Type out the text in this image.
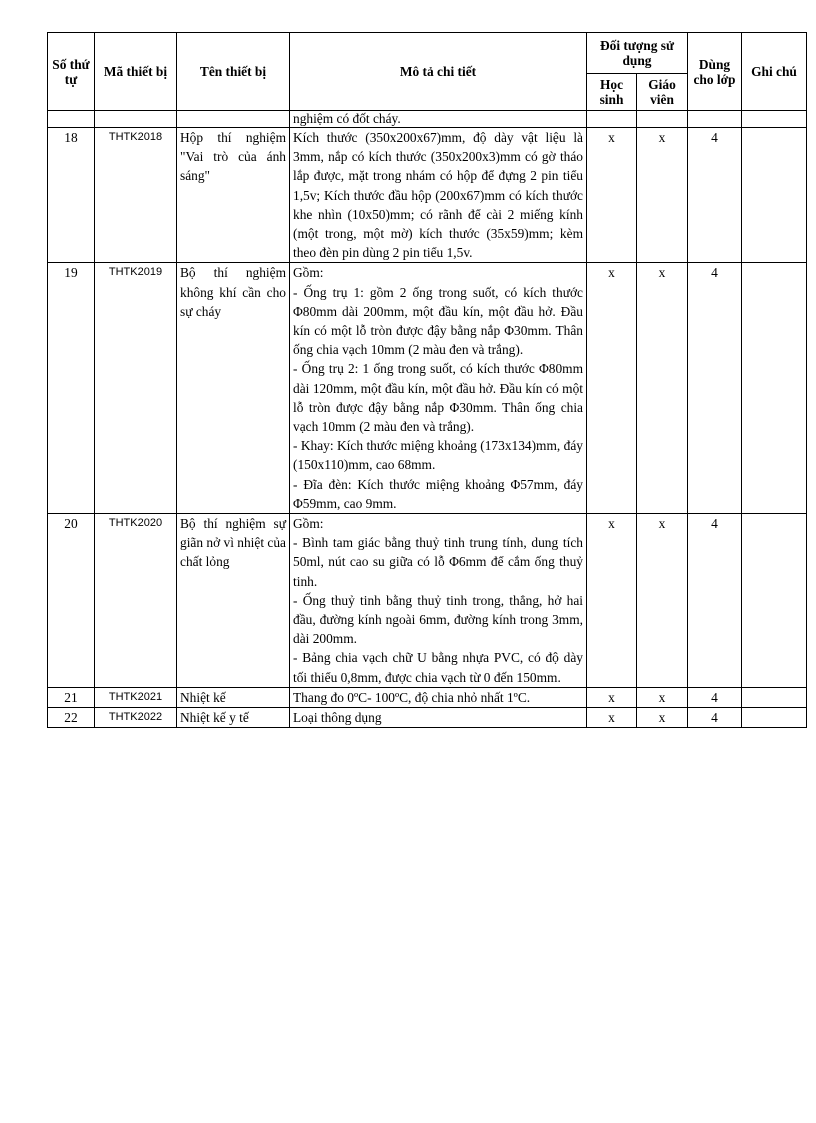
Số thứ tự	Mã thiết bị	Tên thiết bị	Mô tả chi tiết	Đối tượng sử dụng		Dùng cho lớp	Ghi chú
				Học sinh	Giáo viên		
			nghiệm có đốt cháy.				
18	THTK2018	Hộp thí nghiệm "Vai trò của ánh sáng"	Kích thước (350x200x67)mm, độ dày vật liệu là 3mm, nắp có kích thước (350x200x3)mm có gờ tháo lắp được, mặt trong nhám có hộp để đựng 2 pin tiểu 1,5v; Kích thước đầu hộp (200x67)mm có kích thước khe nhìn (10x50)mm; có rãnh để cài 2 miếng kính (một trong, một mờ) kích thước (35x59)mm; kèm theo đèn pin dùng 2 pin tiểu 1,5v.	x	x	4	
19	THTK2019	Bộ thí nghiệm không khí cần cho sự cháy	Gồm:
- Ống trụ 1: gồm 2 ống trong suốt, có kích thước Φ80mm dài 200mm, một đầu kín, một đầu hở. Đầu kín có một lỗ tròn được đậy bằng nắp Φ30mm. Thân ống chia vạch 10mm (2 màu đen và trắng).
- Ống trụ 2: 1 ống trong suốt, có kích thước Φ80mm dài 120mm, một đầu kín, một đầu hở. Đầu kín có một lỗ tròn được đậy bằng nắp Φ30mm. Thân ống chia vạch 10mm (2 màu đen và trắng).
- Khay: Kích thước miệng khoảng (173x134)mm, đáy (150x110)mm, cao 68mm.
- Đĩa đèn: Kích thước miệng khoảng Φ57mm, đáy Φ59mm, cao 9mm.	x	x	4	
20	THTK2020	Bộ thí nghiệm sự giãn nở vì nhiệt của chất lỏng	Gồm:
- Bình tam giác bằng thuỷ tinh trung tính, dung tích 50ml, nút cao su giữa có lỗ Φ6mm để cắm ống thuỷ tinh.
- Ống thuỷ tinh bằng thuỷ tinh trong, thẳng, hở hai đầu, đường kính ngoài 6mm, đường kính trong 3mm, dài 200mm.
- Bảng chia vạch chữ U bằng nhựa PVC, có độ dày tối thiểu 0,8mm, được chia vạch từ 0 đến 150mm.	x	x	4	
21	THTK2021	Nhiệt kế	Thang đo 0ºC- 100ºC, độ chia nhỏ nhất 1ºC.	x	x	4	
22	THTK2022	Nhiệt kế y tế	Loại thông dụng	x	x	4	
